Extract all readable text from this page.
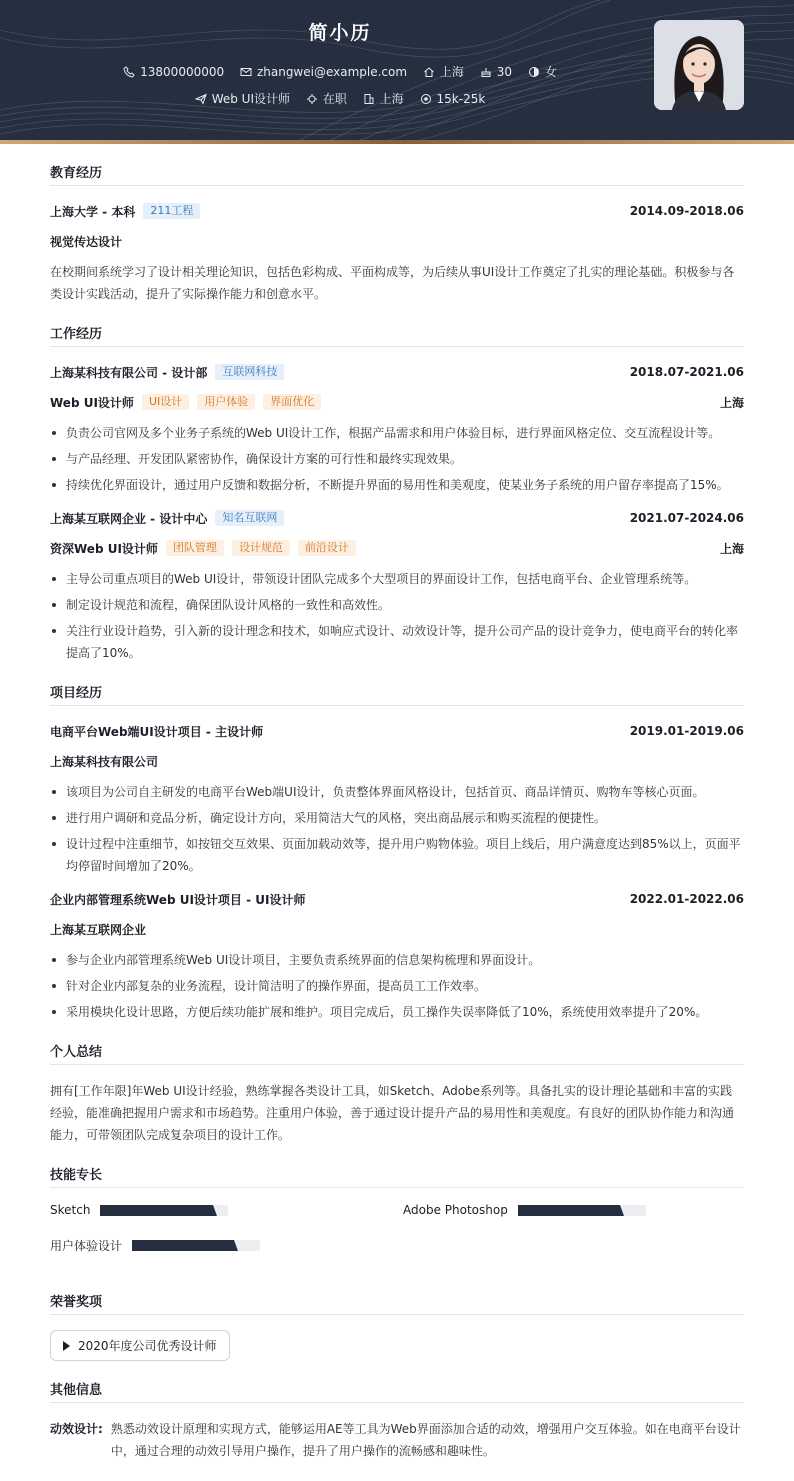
简小历
13800000000	zhangwei@example.com	上海	30	女
Web UI设计师	在职	上海	15k-25k
教育经历
上海大学 - 本科	211工程	2014.09-2018.06
视觉传达设计

在校期间系统学习了设计相关理论知识，包括色彩构成、平面构成等，为后续从事UI设计工作奠定了扎实的理论基础。积极参与各类设计实践活动，提升了实际操作能力和创意水平。

工作经历
上海某科技有限公司 - 设计部	互联网科技	2018.07-2021.06
Web UI设计师	UI设计	用户体验	界面优化	上海
负责公司官网及多个业务子系统的Web UI设计工作，根据产品需求和用户体验目标，进行界面风格定位、交互流程设计等。
与产品经理、开发团队紧密协作，确保设计方案的可行性和最终实现效果。
持续优化界面设计，通过用户反馈和数据分析，不断提升界面的易用性和美观度，使某业务子系统的用户留存率提高了15%。
上海某互联网企业 - 设计中心	知名互联网	2021.07-2024.06
资深Web UI设计师	团队管理	设计规范	前沿设计	上海
主导公司重点项目的Web UI设计，带领设计团队完成多个大型项目的界面设计工作，包括电商平台、企业管理系统等。
制定设计规范和流程，确保团队设计风格的一致性和高效性。
关注行业设计趋势，引入新的设计理念和技术，如响应式设计、动效设计等，提升公司产品的设计竞争力，使电商平台的转化率提高了10%。
项目经历
电商平台Web端UI设计项目 - 主设计师	2019.01-2019.06
上海某科技有限公司
该项目为公司自主研发的电商平台Web端UI设计，负责整体界面风格设计，包括首页、商品详情页、购物车等核心页面。
进行用户调研和竞品分析，确定设计方向，采用简洁大气的风格，突出商品展示和购买流程的便捷性。
设计过程中注重细节，如按钮交互效果、页面加载动效等，提升用户购物体验。项目上线后，用户满意度达到85%以上，页面平均停留时间增加了20%。
企业内部管理系统Web UI设计项目 - UI设计师	2022.01-2022.06
上海某互联网企业
参与企业内部管理系统Web UI设计项目，主要负责系统界面的信息架构梳理和界面设计。
针对企业内部复杂的业务流程，设计简洁明了的操作界面，提高员工工作效率。
采用模块化设计思路，方便后续功能扩展和维护。项目完成后，员工操作失误率降低了10%，系统使用效率提升了20%。
个人总结

拥有[工作年限]年Web UI设计经验，熟练掌握各类设计工具，如Sketch、Adobe系列等。具备扎实的设计理论基础和丰富的实践经验，能准确把握用户需求和市场趋势。注重用户体验，善于通过设计提升产品的易用性和美观度。有良好的团队协作能力和沟通能力，可带领团队完成复杂项目的设计工作。

技能专长
Sketch	Adobe Photoshop
用户体验设计
荣誉奖项
2020年度公司优秀设计师
其他信息
动效设计: 熟悉动效设计原理和实现方式，能够运用AE等工具为Web界面添加合适的动效，增强用户交互体验。如在电商平台设计中，通过合理的动效引导用户操作，提升了用户操作的流畅感和趣味性。
